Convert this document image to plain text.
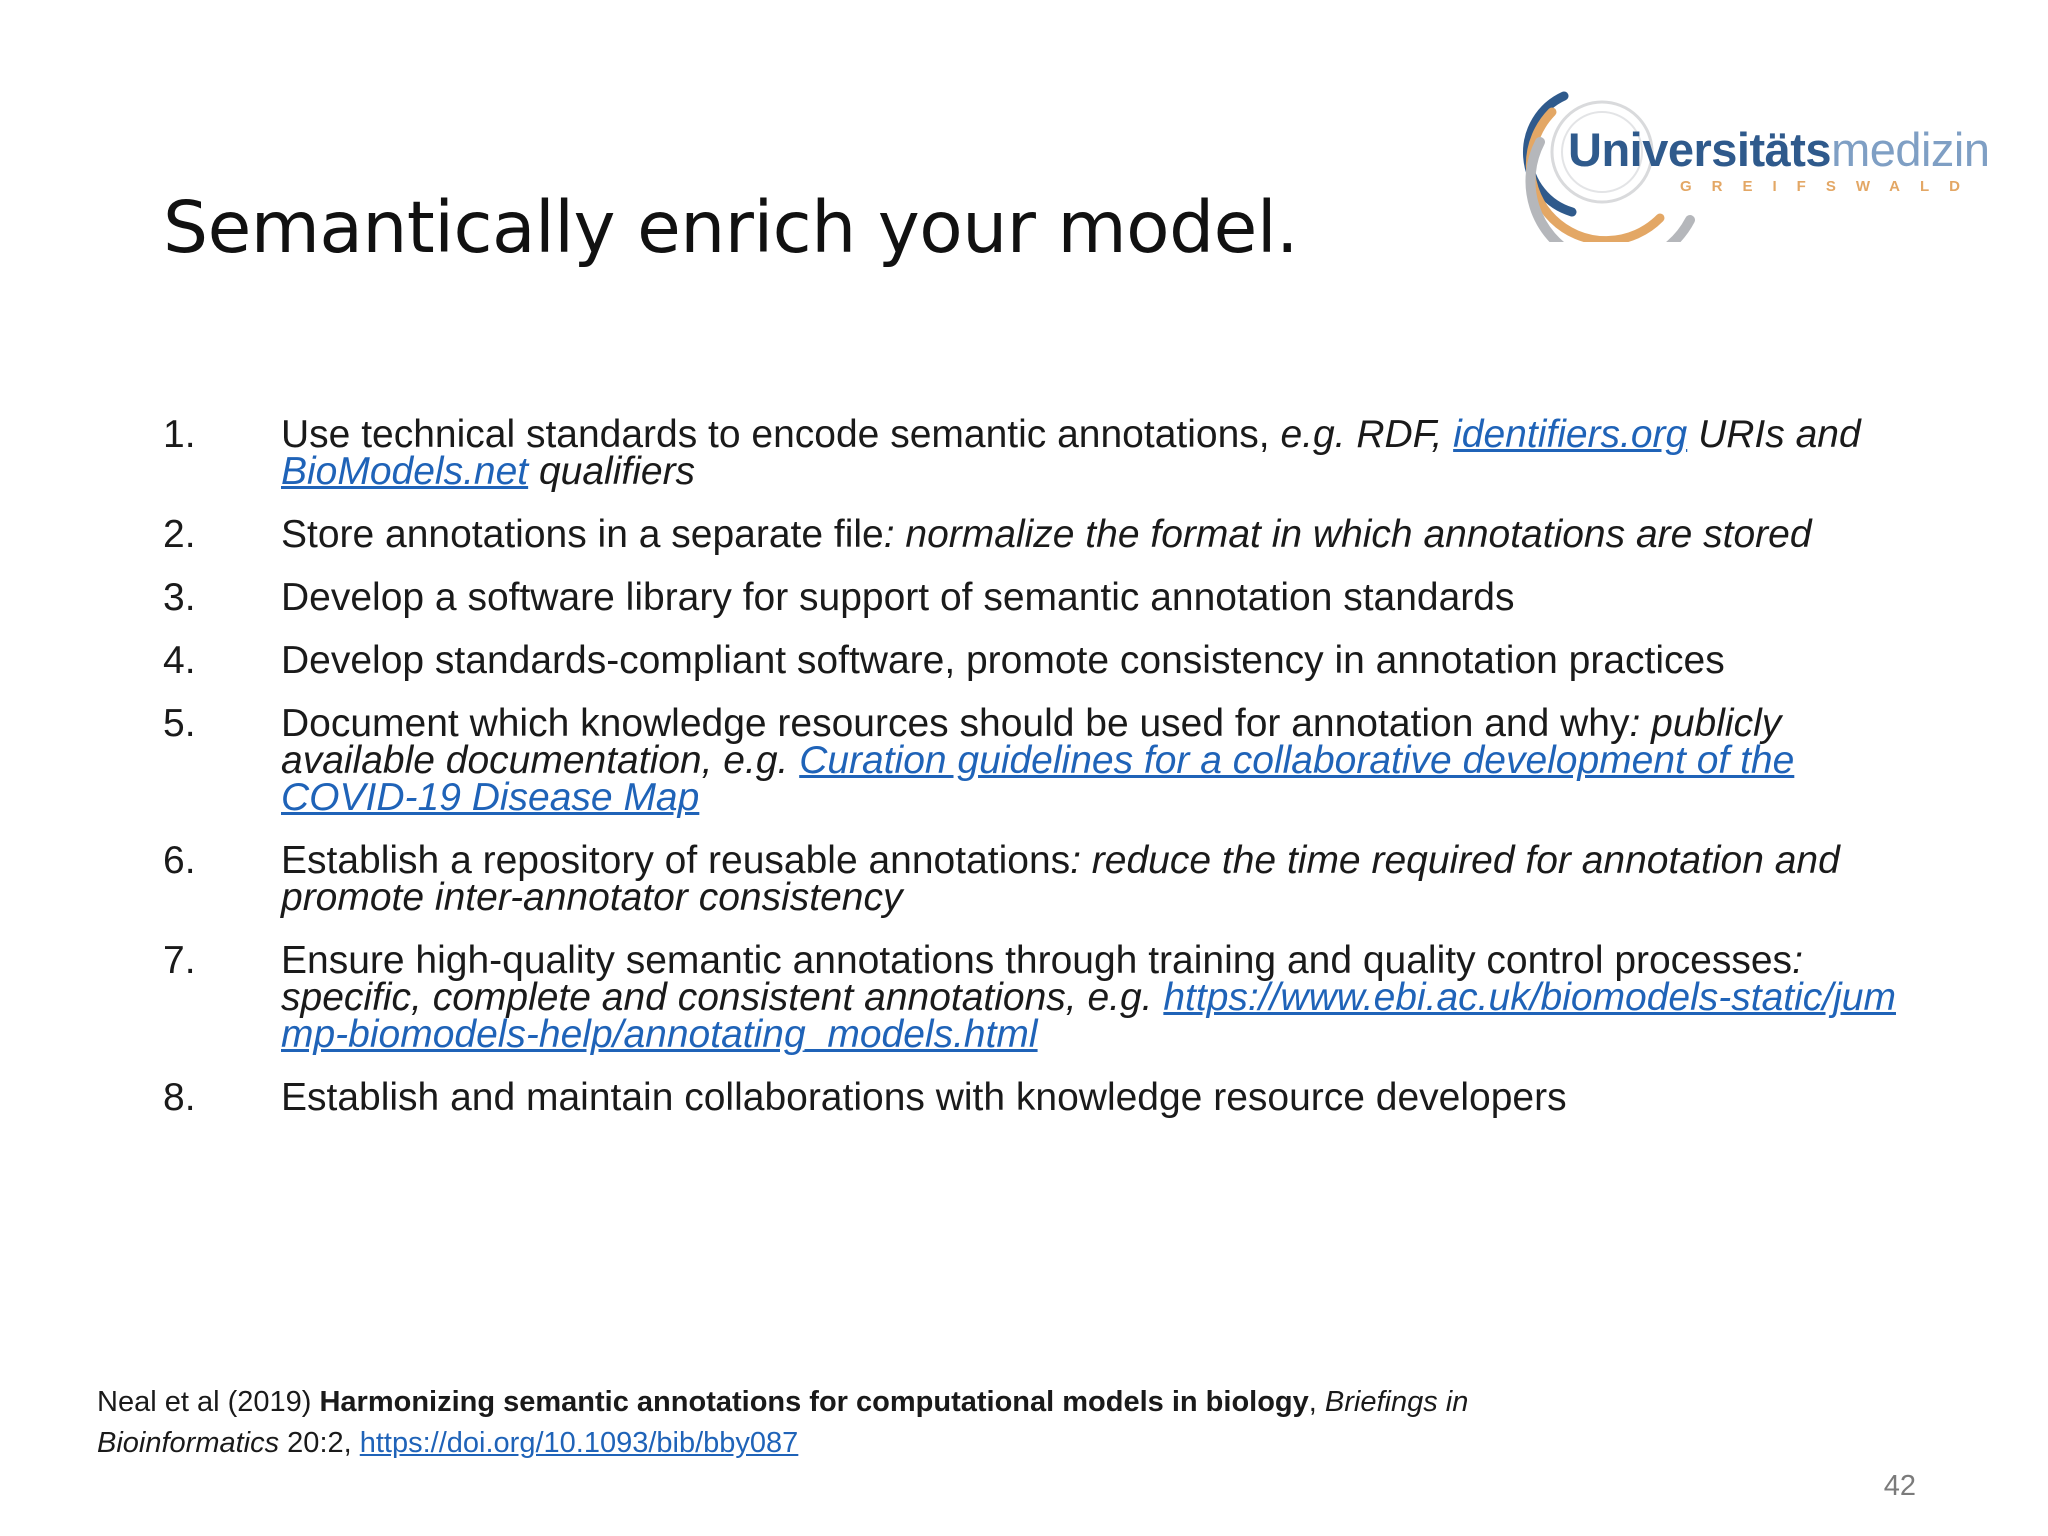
Universitätsmedizin
GREIFSWALD
Semantically enrich your model.
1.	Use technical standards to encode semantic annotations, e.g. RDF, identifiers.org URIs and BioModels.net qualifiers
2.	Store annotations in a separate file: normalize the format in which annotations are stored
3.	Develop a software library for support of semantic annotation standards
4.	Develop standards-compliant software, promote consistency in annotation practices
5.	Document which knowledge resources should be used for annotation and why: publicly available documentation, e.g. Curation guidelines for a collaborative development of the COVID-19 Disease Map
6.	Establish a repository of reusable annotations: reduce the time required for annotation and promote inter-annotator consistency
7.	Ensure high-quality semantic annotations through training and quality control processes: specific, complete and consistent annotations, e.g. https://www.ebi.ac.uk/biomodels-static/jummp-biomodels-help/annotating_models.html
8.	Establish and maintain collaborations with knowledge resource developers
Neal et al (2019) Harmonizing semantic annotations for computational models in biology, Briefings in Bioinformatics 20:2, https://doi.org/10.1093/bib/bby087
42
